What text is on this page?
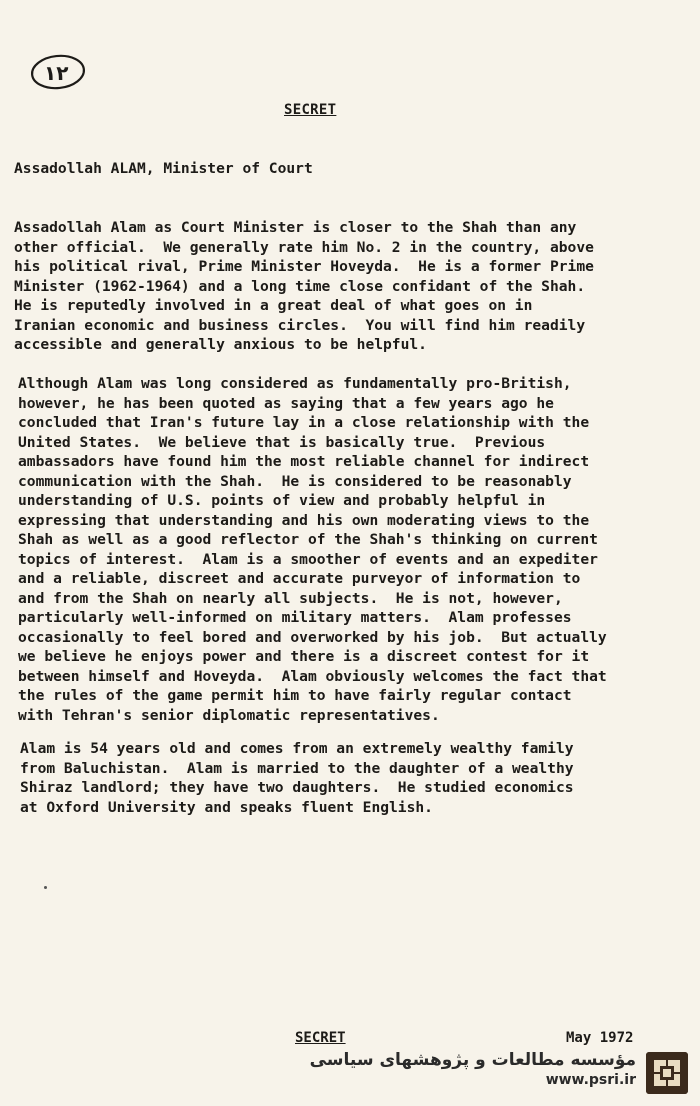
١٢
SECRET
Assadollah ALAM, Minister of Court
Assadollah Alam as Court Minister is closer to the Shah than any
other official.  We generally rate him No. 2 in the country, above
his political rival, Prime Minister Hoveyda.  He is a former Prime
Minister (1962-1964) and a long time close confidant of the Shah.
He is reputedly involved in a great deal of what goes on in
Iranian economic and business circles.  You will find him readily
accessible and generally anxious to be helpful.
Although Alam was long considered as fundamentally pro-British,
however, he has been quoted as saying that a few years ago he
concluded that Iran's future lay in a close relationship with the
United States.  We believe that is basically true.  Previous
ambassadors have found him the most reliable channel for indirect
communication with the Shah.  He is considered to be reasonably
understanding of U.S. points of view and probably helpful in
expressing that understanding and his own moderating views to the
Shah as well as a good reflector of the Shah's thinking on current
topics of interest.  Alam is a smoother of events and an expediter
and a reliable, discreet and accurate purveyor of information to
and from the Shah on nearly all subjects.  He is not, however,
particularly well-informed on military matters.  Alam professes
occasionally to feel bored and overworked by his job.  But actually
we believe he enjoys power and there is a discreet contest for it
between himself and Hoveyda.  Alam obviously welcomes the fact that
the rules of the game permit him to have fairly regular contact
with Tehran's senior diplomatic representatives.
Alam is 54 years old and comes from an extremely wealthy family
from Baluchistan.  Alam is married to the daughter of a wealthy
Shiraz landlord; they have two daughters.  He studied economics
at Oxford University and speaks fluent English.
SECRET	May 1972
مؤسسه مطالعات و پژوهشهای سیاسی
www.psri.ir
